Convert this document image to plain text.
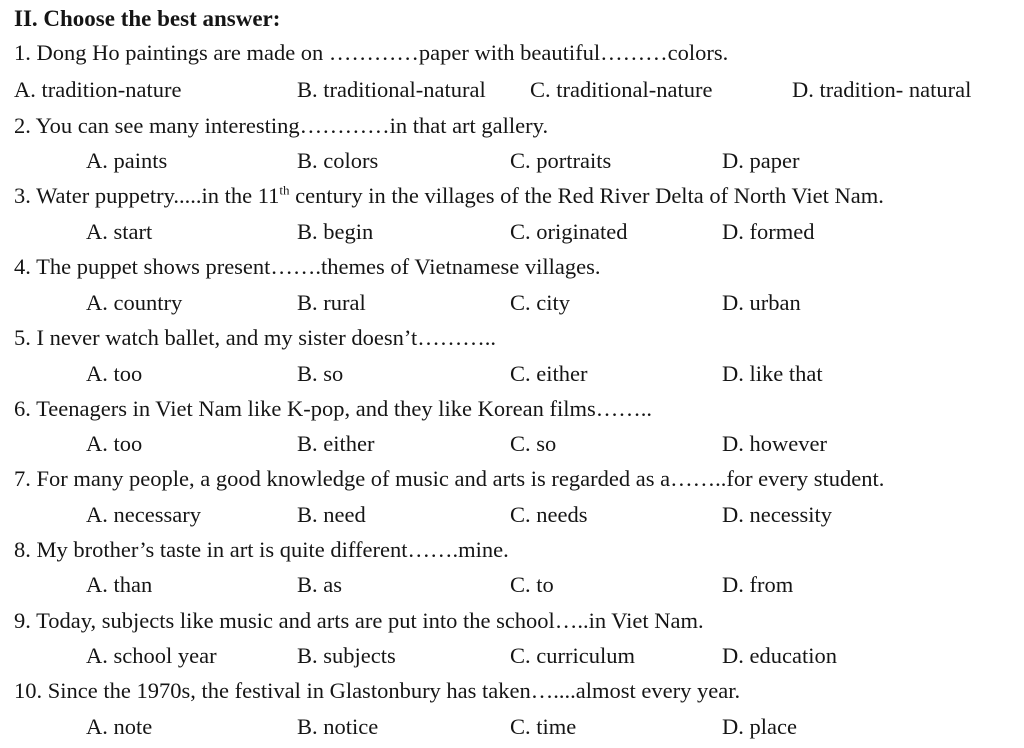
II. Choose the best answer:
1. Dong Ho paintings are made on …………paper with beautiful………colors.
A. tradition-nature	B. traditional-natural C. traditional-nature	D. tradition- natural
2. You can see many interesting…………in that art gallery.
A. paints	B. colors	C. portraits	D. paper
3. Water puppetry.....in the 11th century in the villages of the Red River Delta of North Viet Nam.
A. start	B. begin	C. originated	D. formed
4. The puppet shows present…….themes of Vietnamese villages.
A. country	B. rural	C. city	D. urban
5. I never watch ballet, and my sister doesn’t………..
A. too	B. so	C. either	D. like that
6. Teenagers in Viet Nam like K-pop, and they like Korean films……..
A. too	B. either	C. so	D. however
7. For many people, a good knowledge of music and arts is regarded as a……..for every student.
A. necessary	B. need	C. needs	D. necessity
8. My brother’s taste in art is quite different…….mine.
A. than	B. as	C. to	D. from
9. Today, subjects like music and arts are put into the school…..in Viet Nam.
A. school year	B. subjects	C. curriculum	D. education
10. Since the 1970s, the festival in Glastonbury has taken…....almost every year.
A. note	B. notice	C. time	D. place
